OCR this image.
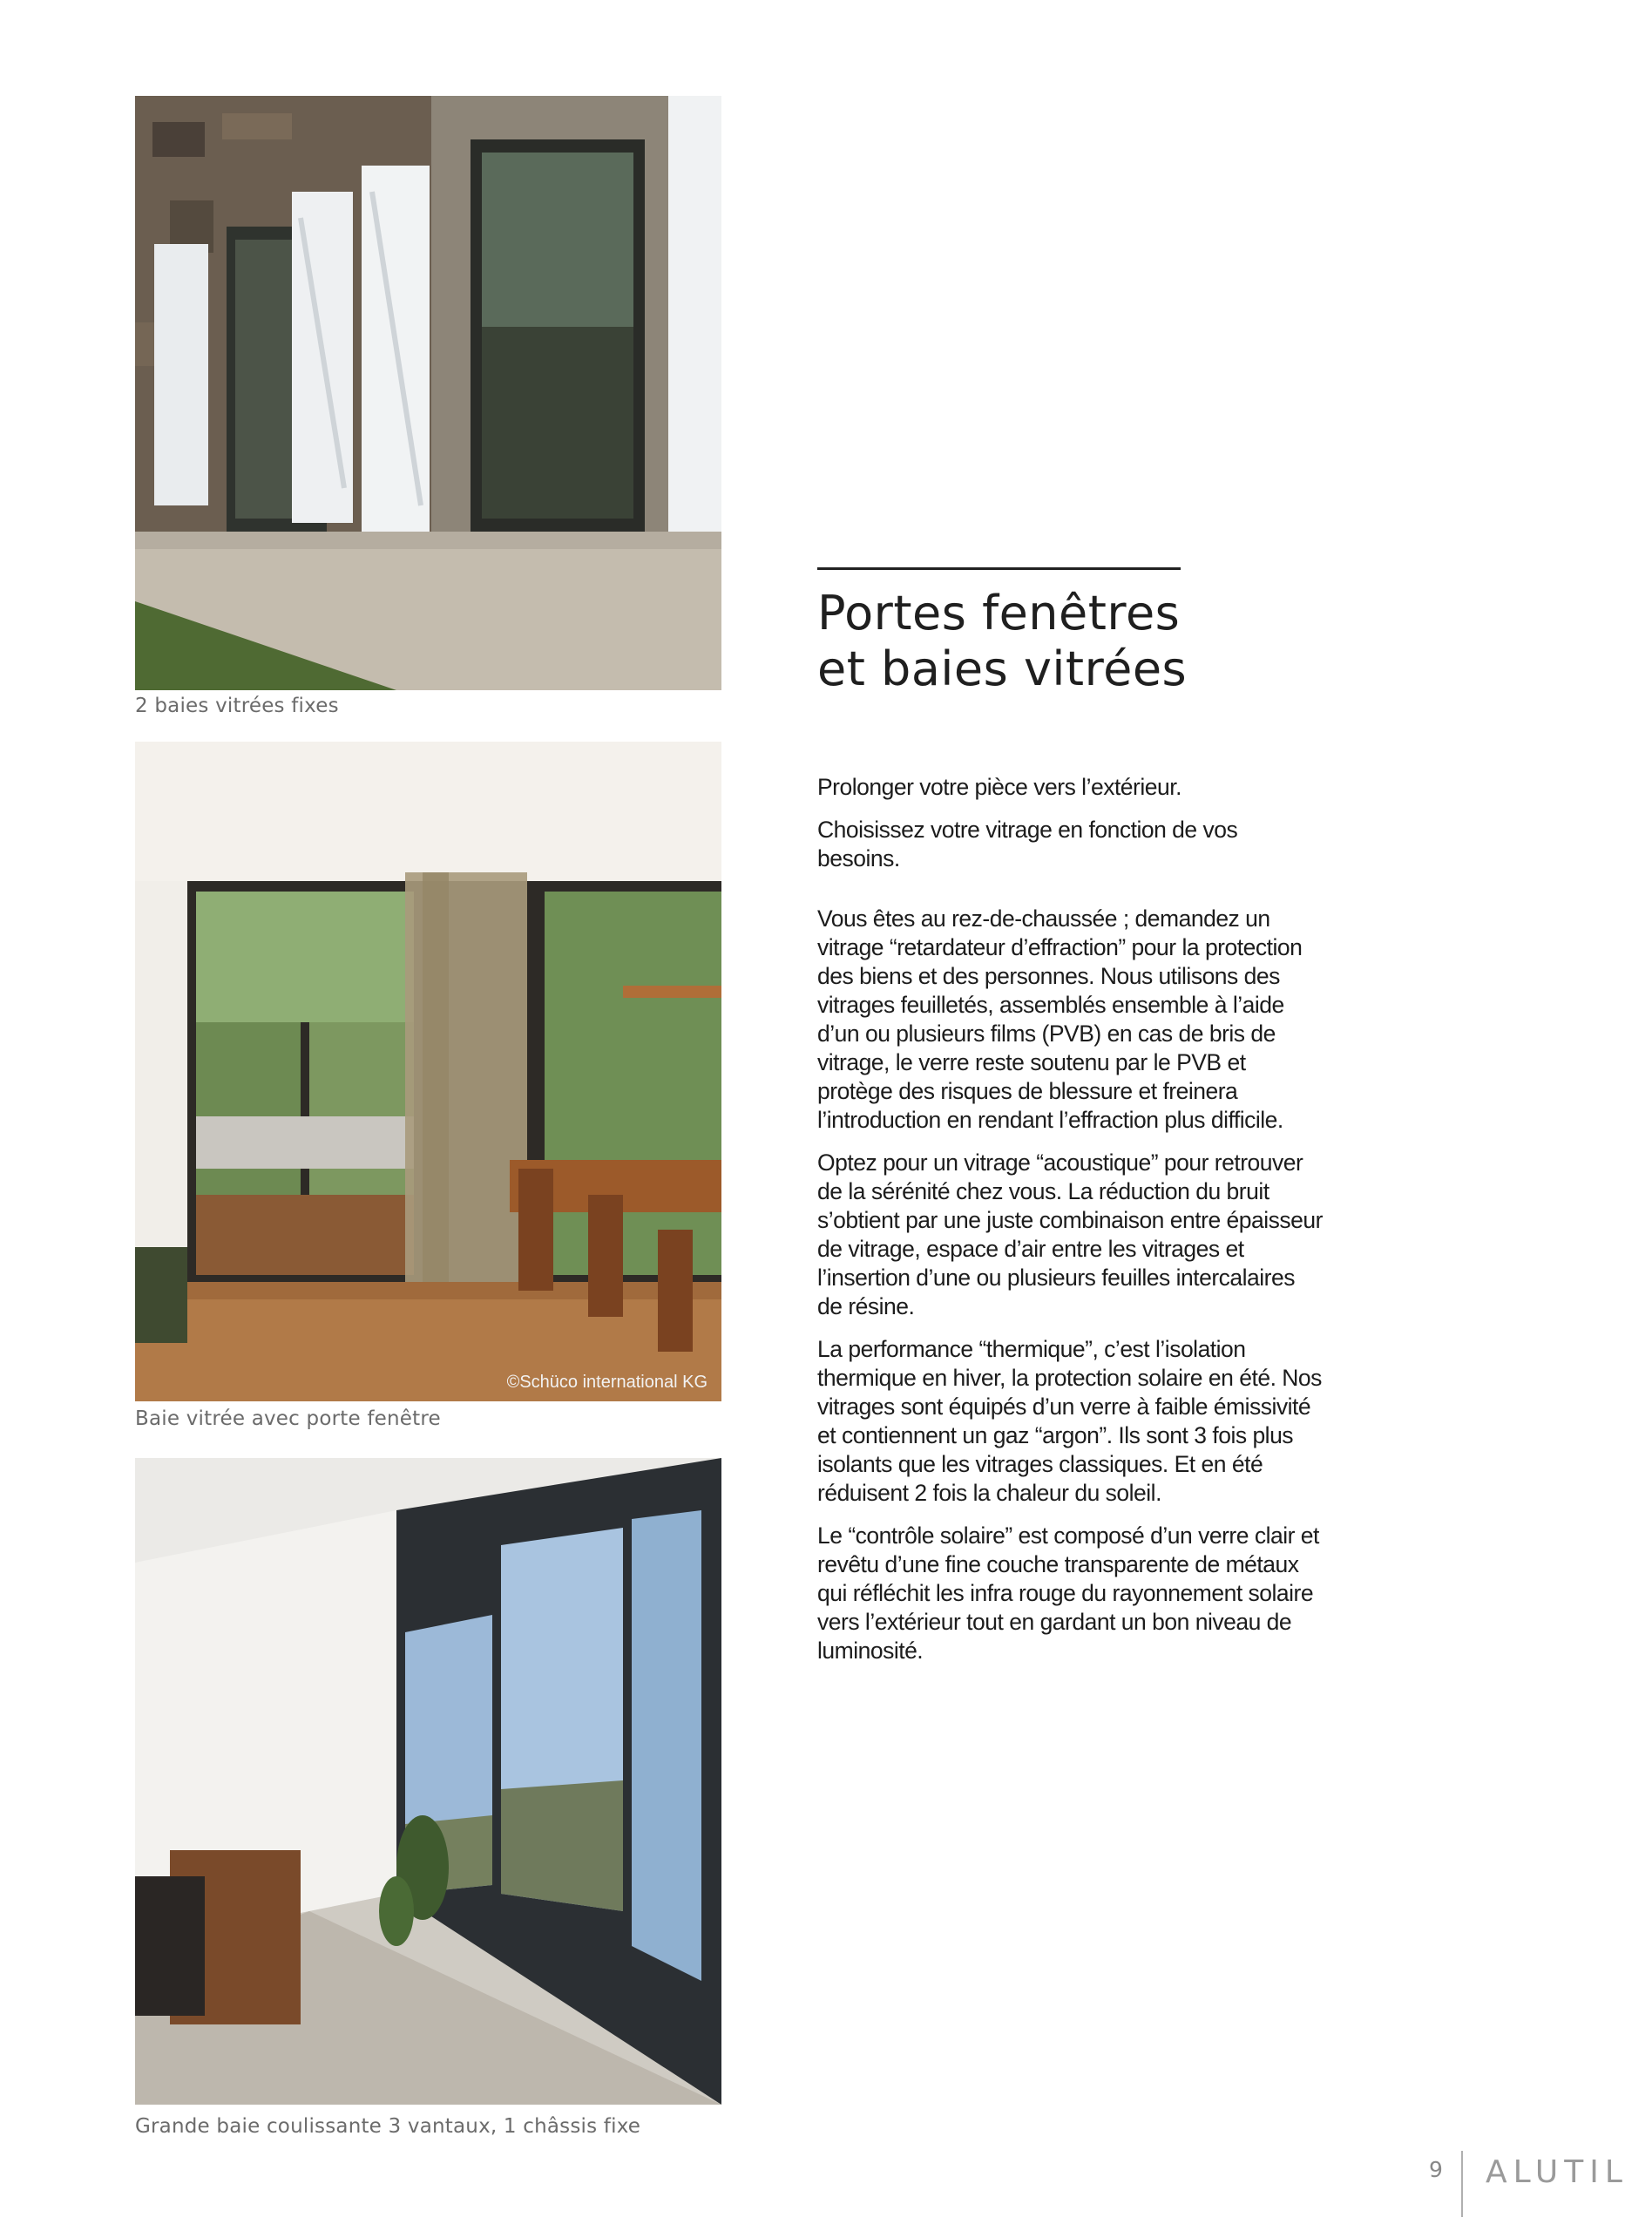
2 baies vitrées fixes
©Schüco international KG
Baie vitrée avec porte fenêtre
Grande baie coulissante 3 vantaux, 1 châssis fixe
Portes fenêtres
et baies vitrées

Prolonger votre pièce vers l’extérieur.

Choisissez votre vitrage en fonction de vos besoins.

Vous êtes au rez-de-chaussée ; demandez un vitrage “retardateur d’effraction” pour la protection des biens et des personnes. Nous utilisons des vitrages feuilletés, assemblés ensemble à l’aide d’un ou plusieurs films (PVB) en cas de bris de vitrage, le verre reste soutenu par le PVB et protège des risques de blessure et freinera l’introduction en rendant l’effraction plus difficile.

Optez pour un vitrage “acoustique” pour retrouver de la sérénité chez vous. La réduction du bruit s’obtient par une juste combinaison entre épaisseur de vitrage, espace d’air entre les vitrages et l’insertion d’une ou plusieurs feuilles intercalaires de résine.

La performance “thermique”, c’est l’isolation thermique en hiver, la protection solaire en été. Nos vitrages sont équipés d’un verre à faible émissivité et contiennent un gaz “argon”. Ils sont 3 fois plus isolants que les vitrages classiques. Et en été réduisent 2 fois la chaleur du soleil.

Le “contrôle solaire” est composé d’un verre clair et revêtu d’une fine couche transparente de métaux qui réfléchit les infra rouge du rayonnement solaire vers l’extérieur tout en gardant un bon niveau de luminosité.

9 ALUTIL
